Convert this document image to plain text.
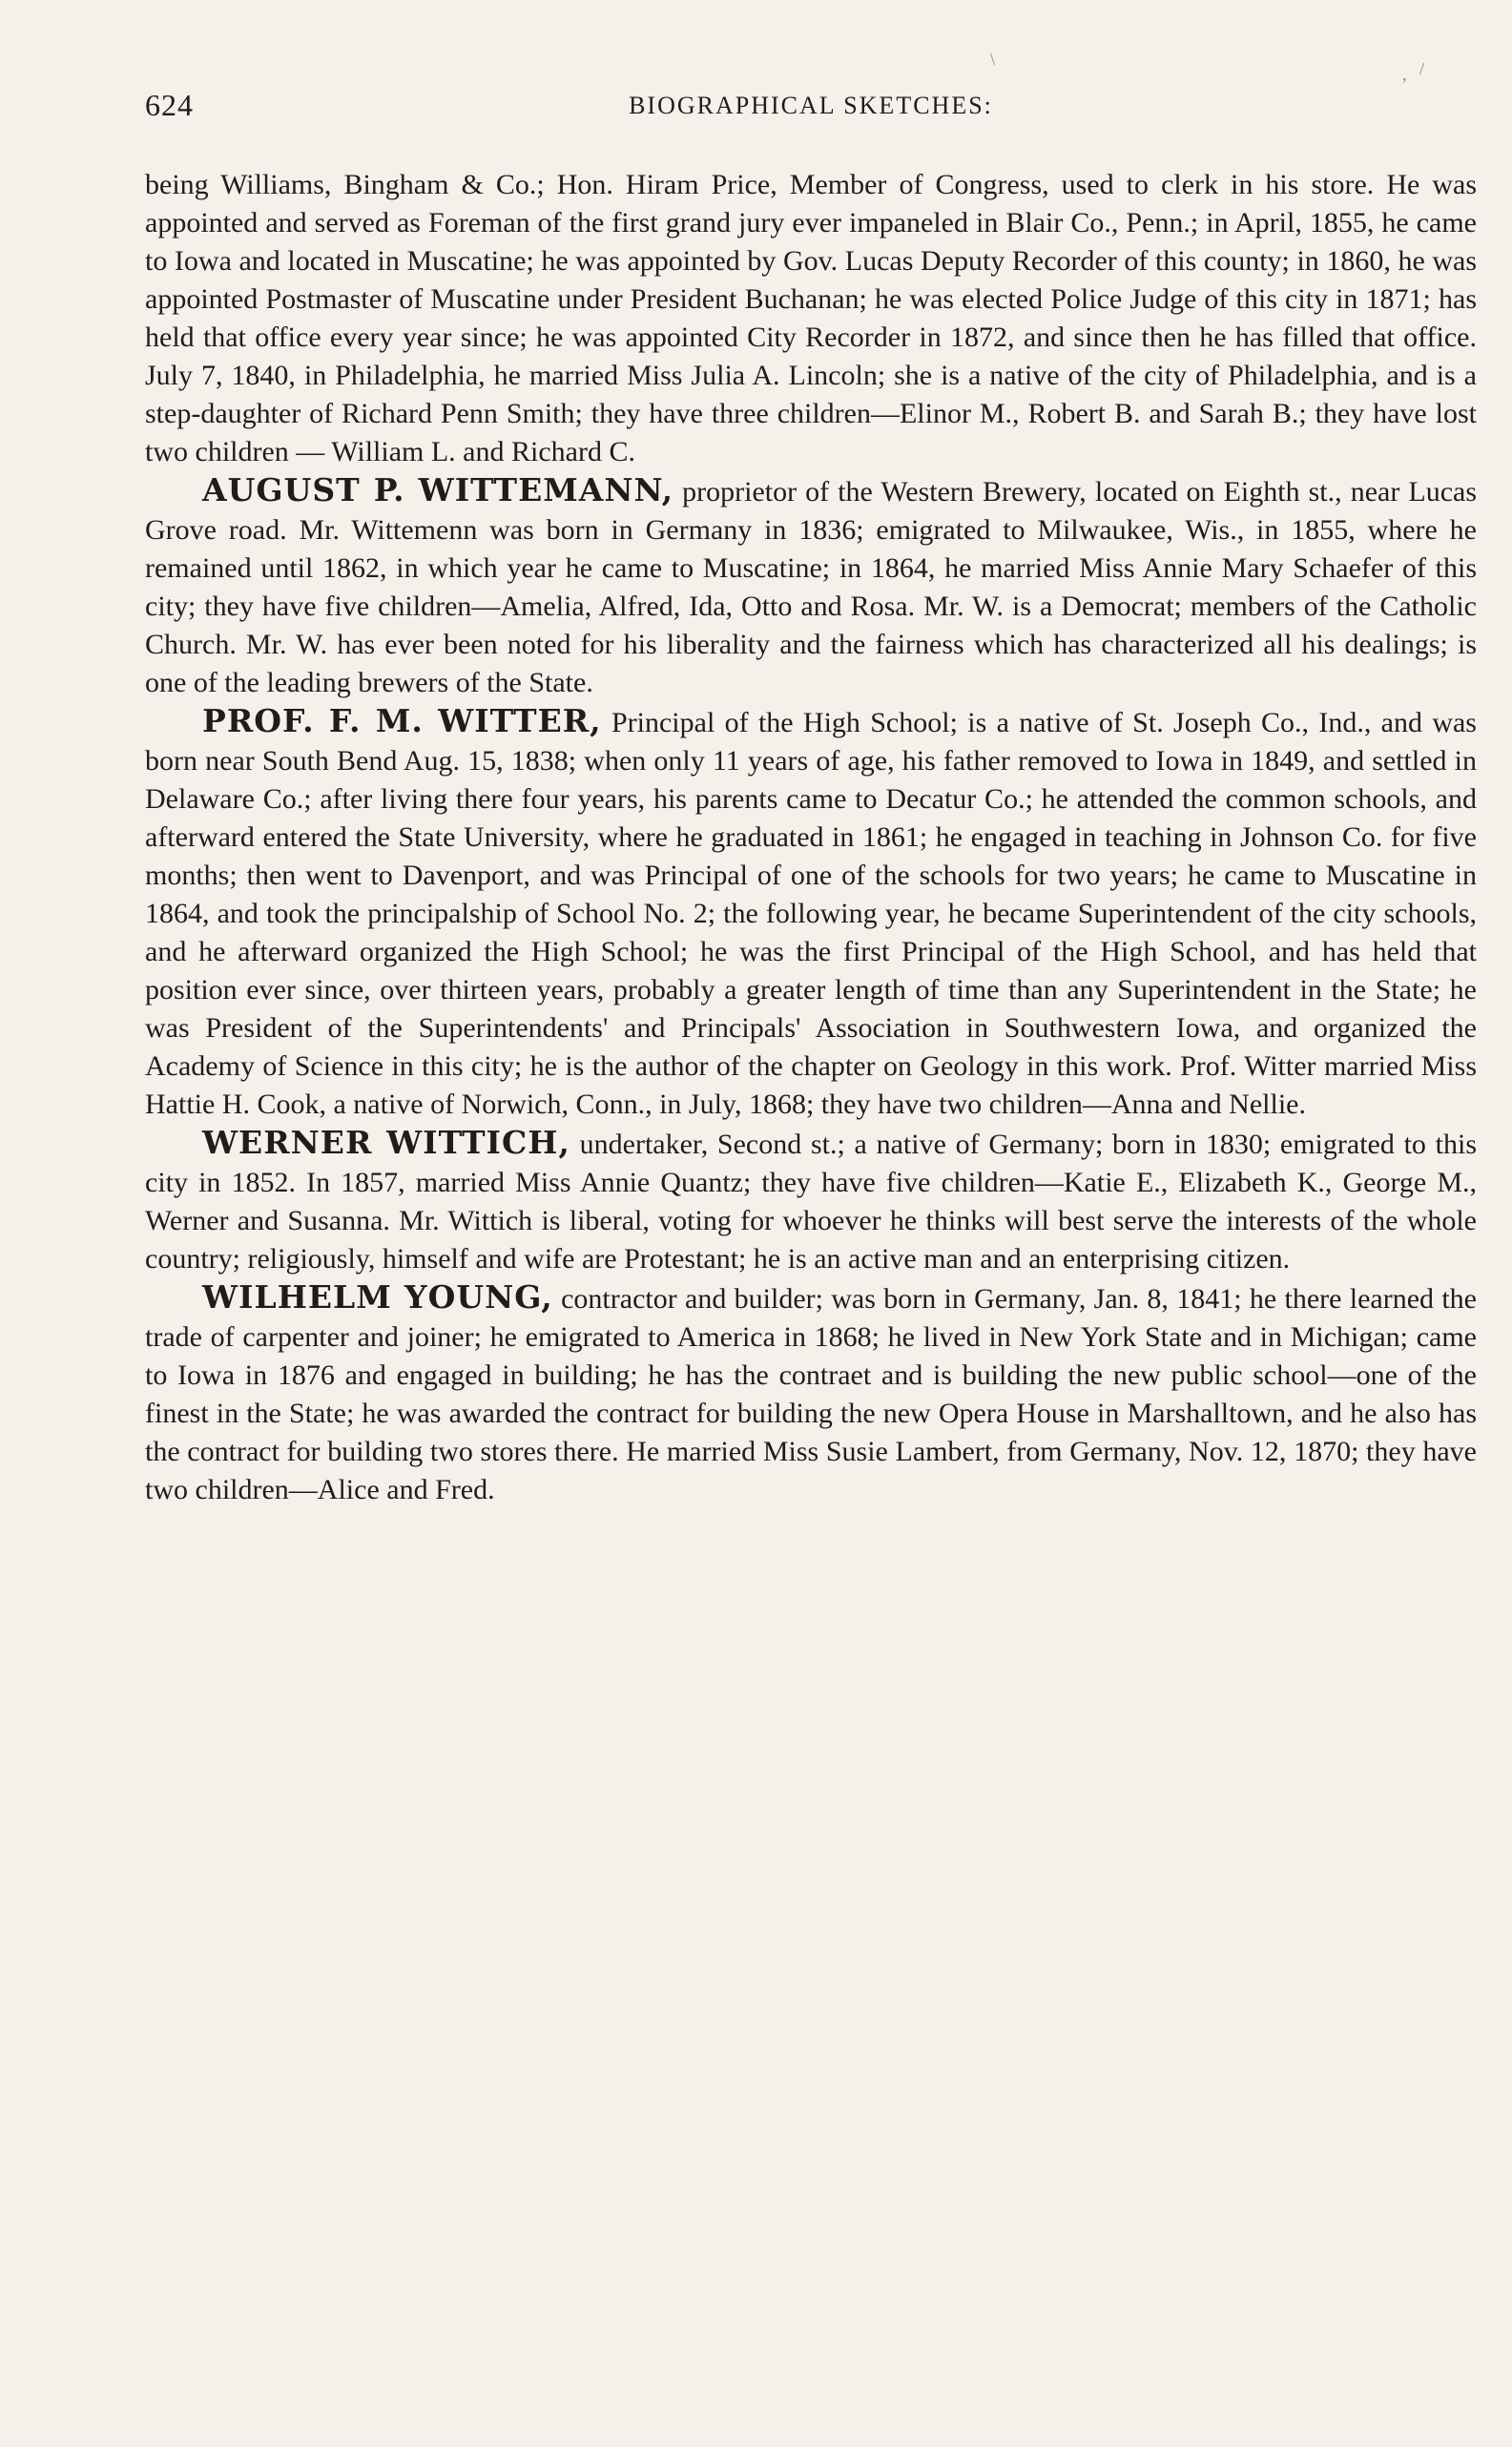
\	/
,
624	BIOGRAPHICAL SKETCHES:

being Williams, Bingham & Co.; Hon. Hiram Price, Member of Congress, used to clerk in his store. He was appointed and served as Foreman of the first grand jury ever impaneled in Blair Co., Penn.; in April, 1855, he came to Iowa and located in Muscatine; he was appointed by Gov. Lucas Deputy Recorder of this county; in 1860, he was appointed Postmaster of Muscatine under President Buchanan; he was elected Police Judge of this city in 1871; has held that office every year since; he was appointed City Recorder in 1872, and since then he has filled that office. July 7, 1840, in Philadelphia, he married Miss Julia A. Lincoln; she is a native of the city of Philadelphia, and is a step-daughter of Richard Penn Smith; they have three children—Elinor M., Robert B. and Sarah B.; they have lost two children — William L. and Richard C.

AUGUST P. WITTEMANN, proprietor of the Western Brewery, located on Eighth st., near Lucas Grove road. Mr. Wittemenn was born in Germany in 1836; emigrated to Milwaukee, Wis., in 1855, where he remained until 1862, in which year he came to Muscatine; in 1864, he married Miss Annie Mary Schaefer of this city; they have five children—Amelia, Alfred, Ida, Otto and Rosa. Mr. W. is a Democrat; members of the Catholic Church. Mr. W. has ever been noted for his liberality and the fairness which has characterized all his dealings; is one of the leading brewers of the State.

PROF. F. M. WITTER, Principal of the High School; is a native of St. Joseph Co., Ind., and was born near South Bend Aug. 15, 1838; when only 11 years of age, his father removed to Iowa in 1849, and settled in Delaware Co.; after living there four years, his parents came to Decatur Co.; he attended the common schools, and afterward entered the State University, where he graduated in 1861; he engaged in teaching in Johnson Co. for five months; then went to Davenport, and was Principal of one of the schools for two years; he came to Muscatine in 1864, and took the principalship of School No. 2; the following year, he became Superintendent of the city schools, and he afterward organized the High School; he was the first Principal of the High School, and has held that position ever since, over thirteen years, probably a greater length of time than any Superintendent in the State; he was President of the Superintendents' and Principals' Association in Southwestern Iowa, and organized the Academy of Science in this city; he is the author of the chapter on Geology in this work. Prof. Witter married Miss Hattie H. Cook, a native of Norwich, Conn., in July, 1868; they have two children—Anna and Nellie.

WERNER WITTICH, undertaker, Second st.; a native of Germany; born in 1830; emigrated to this city in 1852. In 1857, married Miss Annie Quantz; they have five children—Katie E., Elizabeth K., George M., Werner and Susanna. Mr. Wittich is liberal, voting for whoever he thinks will best serve the interests of the whole country; religiously, himself and wife are Protestant; he is an active man and an enterprising citizen.

WILHELM YOUNG, contractor and builder; was born in Germany, Jan. 8, 1841; he there learned the trade of carpenter and joiner; he emigrated to America in 1868; he lived in New York State and in Michigan; came to Iowa in 1876 and engaged in building; he has the contraet and is building the new public school—one of the finest in the State; he was awarded the contract for building the new Opera House in Marshalltown, and he also has the contract for building two stores there. He married Miss Susie Lambert, from Germany, Nov. 12, 1870; they have two children—Alice and Fred.
